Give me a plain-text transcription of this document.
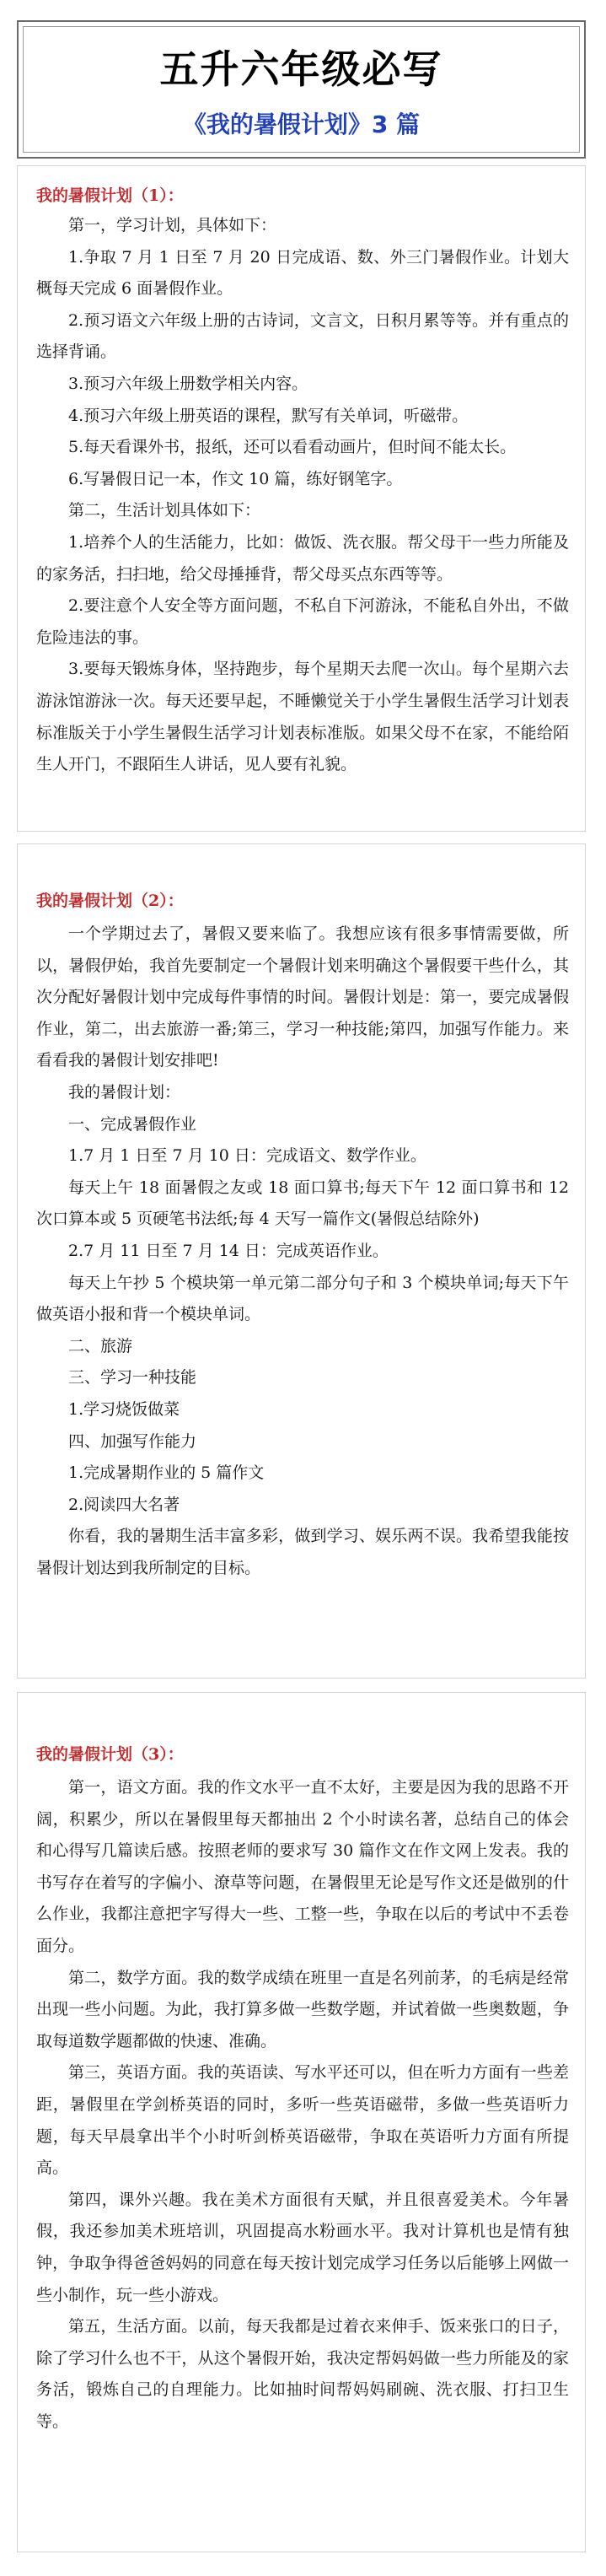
五升六年级必写
《我的暑假计划》3 篇
我的暑假计划（1）：

第一，学习计划，具体如下：

1.争取 7 月 1 日至 7 月 20 日完成语、数、外三门暑假作业。计划大概每天完成 6 面暑假作业。

2.预习语文六年级上册的古诗词，文言文，日积月累等等。并有重点的选择背诵。

3.预习六年级上册数学相关内容。

4.预习六年级上册英语的课程，默写有关单词，听磁带。

5.每天看课外书，报纸，还可以看看动画片，但时间不能太长。

6.写暑假日记一本，作文 10 篇，练好钢笔字。

第二，生活计划具体如下：

1.培养个人的生活能力，比如：做饭、洗衣服。帮父母干一些力所能及的家务活，扫扫地，给父母捶捶背，帮父母买点东西等等。

2.要注意个人安全等方面问题，不私自下河游泳，不能私自外出，不做危险违法的事。

3.要每天锻炼身体，坚持跑步，每个星期天去爬一次山。每个星期六去游泳馆游泳一次。每天还要早起，不睡懒觉关于小学生暑假生活学习计划表标准版关于小学生暑假生活学习计划表标准版。如果父母不在家，不能给陌生人开门，不跟陌生人讲话，见人要有礼貌。

我的暑假计划（2）：

一个学期过去了，暑假又要来临了。我想应该有很多事情需要做，所以，暑假伊始，我首先要制定一个暑假计划来明确这个暑假要干些什么，其次分配好暑假计划中完成每件事情的时间。暑假计划是：第一，要完成暑假作业，第二，出去旅游一番;第三，学习一种技能;第四，加强写作能力。来看看我的暑假计划安排吧!

我的暑假计划：

一、完成暑假作业

1.7 月 1 日至 7 月 10 日：完成语文、数学作业。

每天上午 18 面暑假之友或 18 面口算书;每天下午 12 面口算书和 12 次口算本或 5 页硬笔书法纸;每 4 天写一篇作文(暑假总结除外)

2.7 月 11 日至 7 月 14 日：完成英语作业。

每天上午抄 5 个模块第一单元第二部分句子和 3 个模块单词;每天下午做英语小报和背一个模块单词。

二、旅游

三、学习一种技能

1.学习烧饭做菜

四、加强写作能力

1.完成暑期作业的 5 篇作文

2.阅读四大名著

你看，我的暑期生活丰富多彩，做到学习、娱乐两不误。我希望我能按暑假计划达到我所制定的目标。

我的暑假计划（3）：

第一，语文方面。我的作文水平一直不太好，主要是因为我的思路不开阔，积累少，所以在暑假里每天都抽出 2 个小时读名著，总结自己的体会和心得写几篇读后感。按照老师的要求写 30 篇作文在作文网上发表。我的书写存在着写的字偏小、潦草等问题，在暑假里无论是写作文还是做别的什么作业，我都注意把字写得大一些、工整一些，争取在以后的考试中不丢卷面分。

第二，数学方面。我的数学成绩在班里一直是名列前茅，的毛病是经常出现一些小问题。为此，我打算多做一些数学题，并试着做一些奥数题，争取每道数学题都做的快速、准确。

第三，英语方面。我的英语读、写水平还可以，但在听力方面有一些差距，暑假里在学剑桥英语的同时，多听一些英语磁带，多做一些英语听力题，每天早晨拿出半个小时听剑桥英语磁带，争取在英语听力方面有所提高。

第四，课外兴趣。我在美术方面很有天赋，并且很喜爱美术。今年暑假，我还参加美术班培训，巩固提高水粉画水平。我对计算机也是情有独钟，争取争得爸爸妈妈的同意在每天按计划完成学习任务以后能够上网做一些小制作，玩一些小游戏。

第五，生活方面。以前，每天我都是过着衣来伸手、饭来张口的日子，除了学习什么也不干，从这个暑假开始，我决定帮妈妈做一些力所能及的家务活，锻炼自己的自理能力。比如抽时间帮妈妈刷碗、洗衣服、打扫卫生等。
